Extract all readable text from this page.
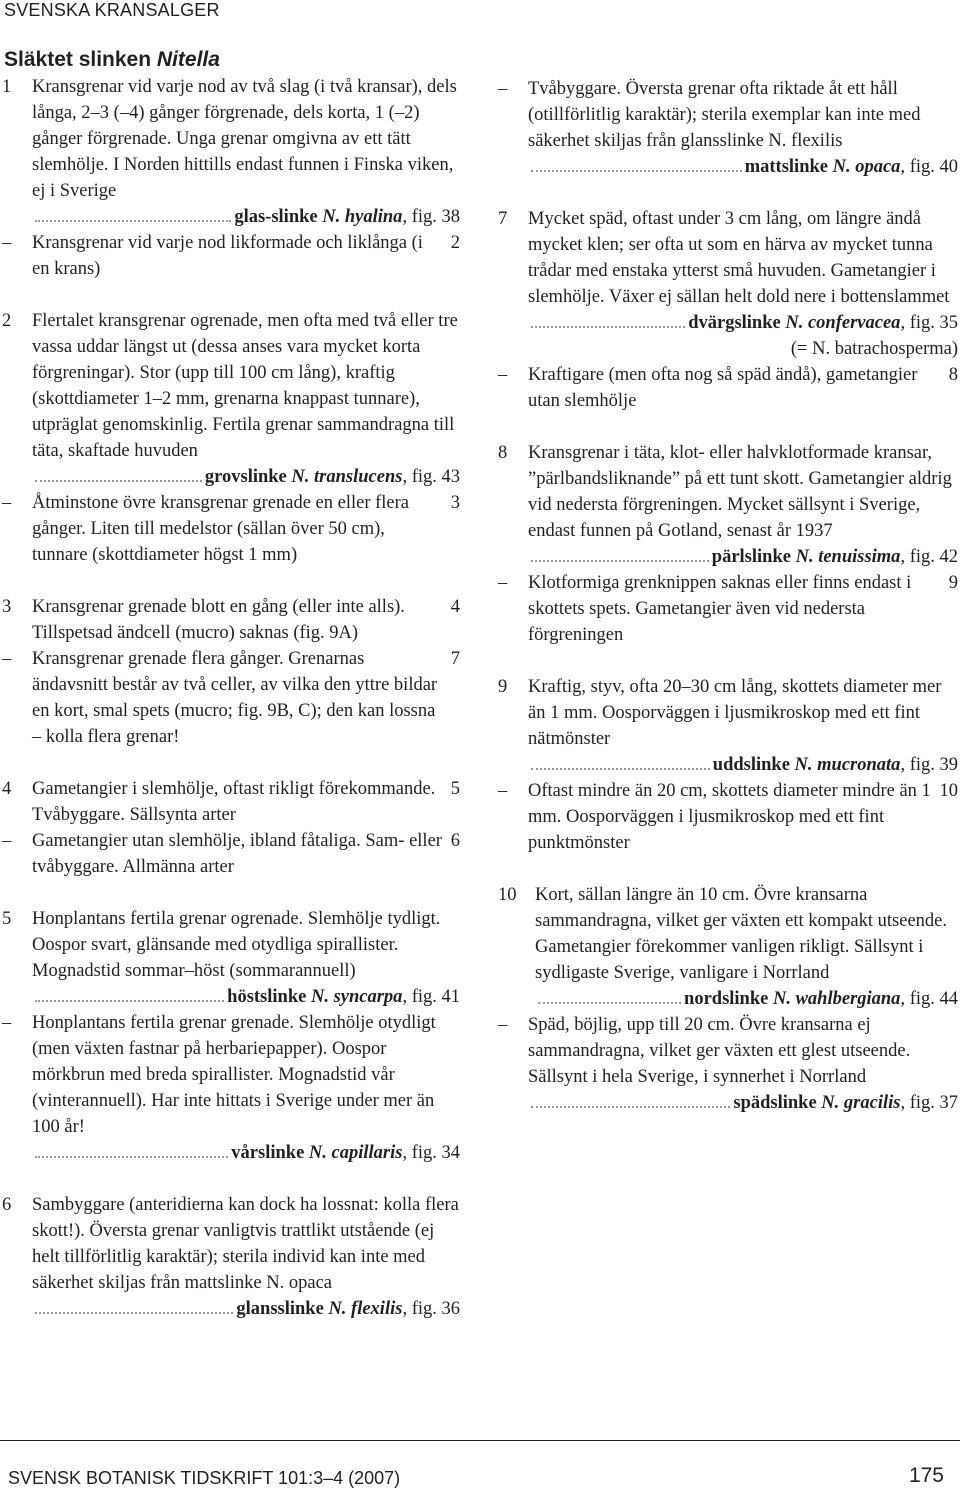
SVENSKA KRANSALGER
Släktet slinken Nitella
1 Kransgrenar vid varje nod av två slag (i två kransar), dels långa, 2–3 (–4) gånger förgrenade, dels korta, 1 (–2) gånger förgrenade. Unga grenar omgivna av ett tätt slemhölje. I Norden hittills endast funnen i Finska viken, ej i Sverige
glas-slinke N. hyalina, fig. 38
– Kransgrenar vid varje nod likformade och liklånga (i en krans)
2
2 Flertalet kransgrenar ogrenade, men ofta med två eller tre vassa uddar längst ut (dessa anses vara mycket korta förgreningar). Stor (upp till 100 cm lång), kraftig (skottdiameter 1–2 mm, grenarna knappast tunnare), utpräglat genomskinlig. Fertila grenar sammandragna till täta, skaftade huvuden
grovslinke N. translucens, fig. 43
– Åtminstone övre kransgrenar grenade en eller flera gånger. Liten till medelstor (sällan över 50 cm), tunnare (skottdiameter högst 1 mm)
3
3 Kransgrenar grenade blott en gång (eller inte alls). Tillspetsad ändcell (mucro) saknas (fig. 9A)
4
– Kransgrenar grenade flera gånger. Grenarnas ändavsnitt består av två celler, av vilka den yttre bildar en kort, smal spets (mucro; fig. 9B, C); den kan lossna – kolla flera grenar!
7
4 Gametangier i slemhölje, oftast rikligt förekommande. Tvåbyggare. Sällsynta arter
5
– Gametangier utan slemhölje, ibland fåtaliga. Sam- eller tvåbyggare. Allmänna arter
6
5 Honplantans fertila grenar ogrenade. Slemhölje tydligt. Oospor svart, glänsande med otydliga spirallister. Mognadstid sommar–höst (sommarannuell)
höstslinke N. syncarpa, fig. 41
– Honplantans fertila grenar grenade. Slemhölje otydligt (men växten fastnar på herbariepapper). Oospor mörkbrun med breda spirallister. Mognadstid vår (vinterannuell). Har inte hittats i Sverige under mer än 100 år!
vårslinke N. capillaris, fig. 34
6 Sambyggare (anteridierna kan dock ha lossnat: kolla flera skott!). Översta grenar vanligtvis trattlikt utstående (ej helt tillförlitlig karaktär); sterila individ kan inte med säkerhet skiljas från mattslinke N. opaca
glansslinke N. flexilis, fig. 36
– Tvåbyggare. Översta grenar ofta riktade åt ett håll (otillförlitlig karaktär); sterila exemplar kan inte med säkerhet skiljas från glansslinke N. flexilis
mattslinke N. opaca, fig. 40
7 Mycket späd, oftast under 3 cm lång, om längre ändå mycket klen; ser ofta ut som en härva av mycket tunna trådar med enstaka ytterst små huvuden. Gametangier i slemhölje. Växer ej sällan helt dold nere i bottenslammet
dvärgslinke N. confervacea, fig. 35
(= N. batrachosperma)
– Kraftigare (men ofta nog så späd ändå), gametangier utan slemhölje
8
8 Kransgrenar i täta, klot- eller halvklotformade kransar, ”pärlbandsliknande” på ett tunt skott. Gametangier aldrig vid nedersta förgreningen. Mycket sällsynt i Sverige, endast funnen på Gotland, senast år 1937
pärlslinke N. tenuissima, fig. 42
– Klotformiga grenknippen saknas eller finns endast i skottets spets. Gametangier även vid nedersta förgreningen
9
9 Kraftig, styv, ofta 20–30 cm lång, skottets diameter mer än 1 mm. Oosporväggen i ljusmikroskop med ett fint nätmönster
uddslinke N. mucronata, fig. 39
– Oftast mindre än 20 cm, skottets diameter mindre än 1 mm. Oosporväggen i ljusmikroskop med ett fint punktmönster
10
10 Kort, sällan längre än 10 cm. Övre kransarna sammandragna, vilket ger växten ett kompakt utseende. Gametangier förekommer vanligen rikligt. Sällsynt i sydligaste Sverige, vanligare i Norrland
nordslinke N. wahlbergiana, fig. 44
– Späd, böjlig, upp till 20 cm. Övre kransarna ej sammandragna, vilket ger växten ett glest utseende. Sällsynt i hela Sverige, i synnerhet i Norrland
spädslinke N. gracilis, fig. 37
SVENSK BOTANISK TIDSKRIFT 101:3–4 (2007)	175
